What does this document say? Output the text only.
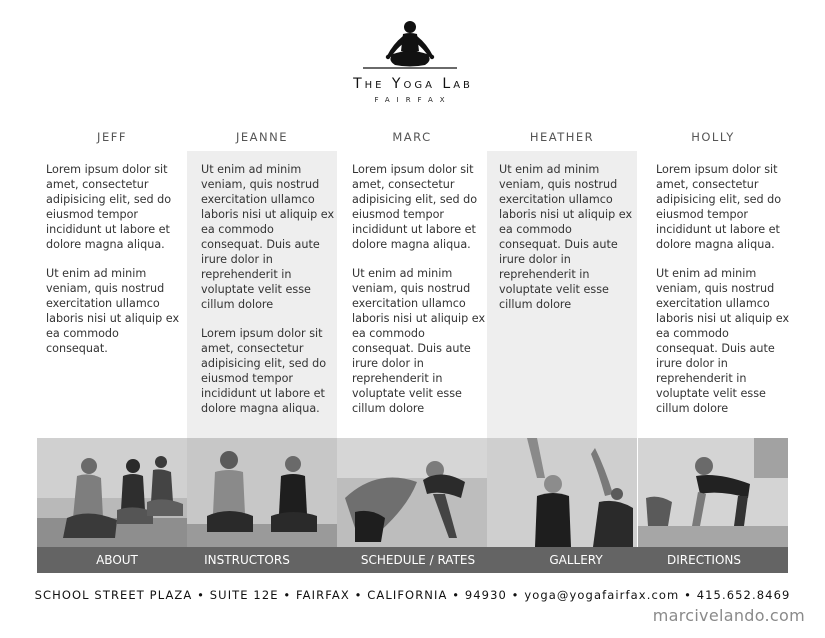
The Yoga Lab
FAIRFAX
JEFF

Lorem ipsum dolor sit amet, consectetur adipisicing elit, sed do eiusmod tempor incididunt ut labore et dolore magna aliqua.

Ut enim ad minim veniam, quis nostrud exercitation ullamco laboris nisi ut aliquip ex ea commodo consequat.

JEANNE

Ut enim ad minim veniam, quis nostrud exercitation ullamco laboris nisi ut aliquip ex ea commodo consequat. Duis aute irure dolor in reprehenderit in voluptate velit esse cillum dolore

Lorem ipsum dolor sit amet, consectetur adipisicing elit, sed do eiusmod tempor incididunt ut labore et dolore magna aliqua.

MARC

Lorem ipsum dolor sit amet, consectetur adipisicing elit, sed do eiusmod tempor incididunt ut labore et dolore magna aliqua.

Ut enim ad minim veniam, quis nostrud exercitation ullamco laboris nisi ut aliquip ex ea commodo consequat. Duis aute irure dolor in reprehenderit in voluptate velit esse cillum dolore

HEATHER

Ut enim ad minim veniam, quis nostrud exercitation ullamco laboris nisi ut aliquip ex ea commodo consequat. Duis aute irure dolor in reprehenderit in voluptate velit esse cillum dolore

HOLLY

Lorem ipsum dolor sit amet, consectetur adipisicing elit, sed do eiusmod tempor incididunt ut labore et dolore magna aliqua.

Ut enim ad minim veniam, quis nostrud exercitation ullamco laboris nisi ut aliquip ex ea commodo consequat. Duis aute irure dolor in reprehenderit in voluptate velit esse cillum dolore

ABOUT	INSTRUCTORS	SCHEDULE / RATES	GALLERY	DIRECTIONS
SCHOOL STREET PLAZA • SUITE 12E • FAIRFAX • CALIFORNIA • 94930 • yoga@yogafairfax.com • 415.652.8469
marcivelando.com
